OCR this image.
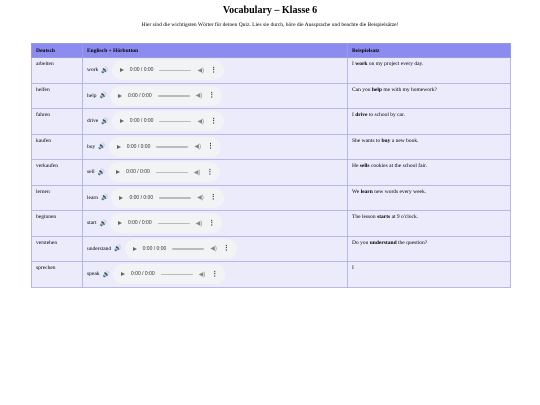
Vocabulary – Klasse 6
Hier sind die wichtigsten Wörter für deinen Quiz. Lies sie durch, höre die Aussprache und beachte die Beispielsätze!
Deutsch	Englisch + Hörbutton	Beispielsatz
arbeiten	work 🔊 0:00 / 0:00 ◀) ⋮	I work on my project every day.
helfen	help 🔊 0:00 / 0:00 ◀) ⋮	Can you help me with my homework?
fahren	drive 🔊 0:00 / 0:00 ◀) ⋮	I drive to school by car.
kaufen	buy 🔊 0:00 / 0:00 ◀) ⋮	She wants to buy a new book.
verkaufen	sell 🔊 0:00 / 0:00 ◀) ⋮	He sells cookies at the school fair.
lernen	learn 🔊 0:00 / 0:00 ◀) ⋮	We learn new words every week.
beginnen	start 🔊 0:00 / 0:00 ◀) ⋮	The lesson starts at 9 o'clock.
verstehen	understand 🔊 0:00 / 0:00 ◀) ⋮	Do you understand the question?
sprechen	speak 🔊 0:00 / 0:00 ◀) ⋮	I
